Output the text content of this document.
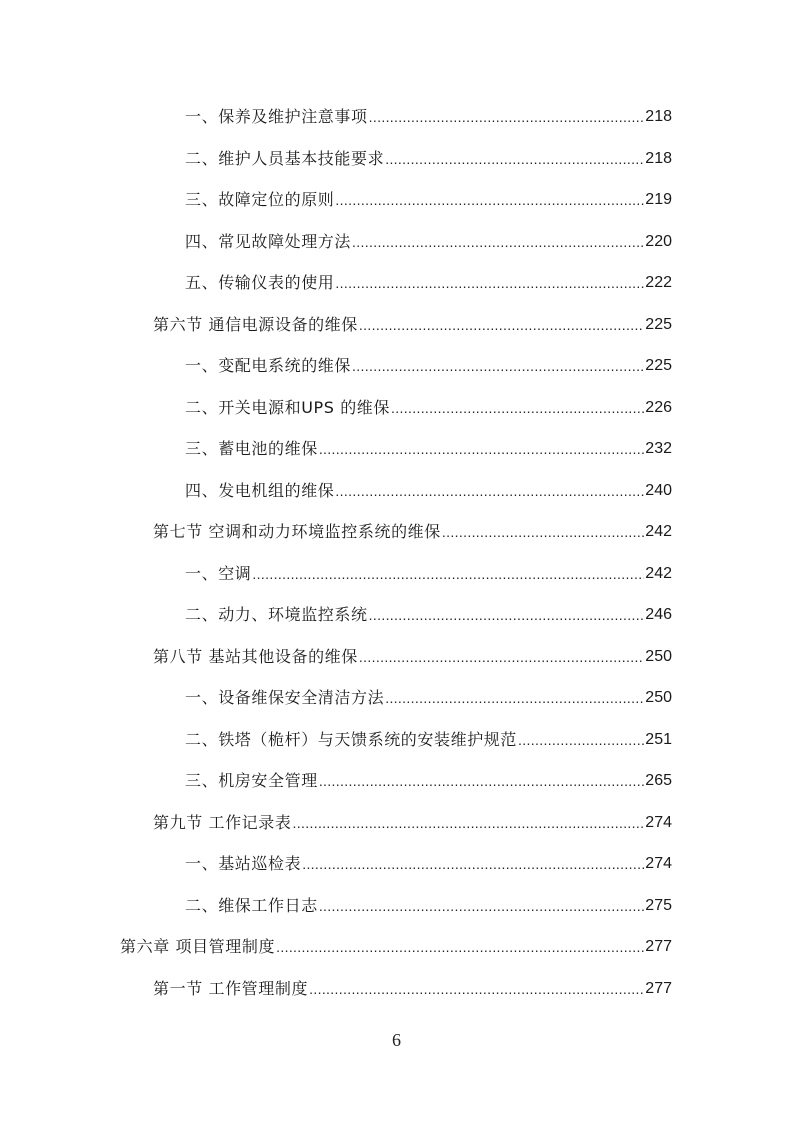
一、保养及维护注意事项 .....	218
二、维护人员基本技能要求 .....	218
三、故障定位的原则 .....	219
四、常见故障处理方法 .....	220
五、传输仪表的使用 .....	222
第六节 通信电源设备的维保 .....	225
一、变配电系统的维保 .....	225
二、开关电源和UPS 的维保 .....	226
三、蓄电池的维保 .....	232
四、发电机组的维保 .....	240
第七节 空调和动力环境监控系统的维保 .....	242
一、空调 .....	242
二、动力、环境监控系统 .....	246
第八节 基站其他设备的维保 .....	250
一、设备维保安全清洁方法 .....	250
二、铁塔（桅杆）与天馈系统的安装维护规范 .....	251
三、机房安全管理 .....	265
第九节 工作记录表 .....	274
一、基站巡检表 .....	274
二、维保工作日志 .....	275
第六章 项目管理制度 .....	277
第一节 工作管理制度 .....	277
6
